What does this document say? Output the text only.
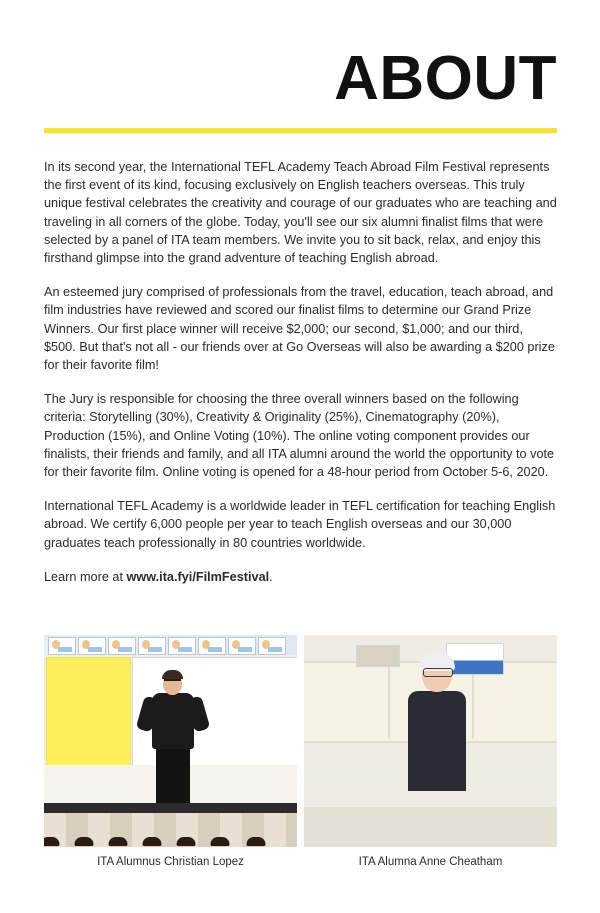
ABOUT

In its second year, the International TEFL Academy Teach Abroad Film Festival represents the first event of its kind, focusing exclusively on English teachers overseas. This truly unique festival celebrates the creativity and courage of our graduates who are teaching and traveling in all corners of the globe. Today, you'll see our six alumni finalist films that were selected by a panel of ITA team members. We invite you to sit back, relax, and enjoy this firsthand glimpse into the grand adventure of teaching English abroad.

An esteemed jury comprised of professionals from the travel, education, teach abroad, and film industries have reviewed and scored our finalist films to determine our Grand Prize Winners. Our first place winner will receive $2,000; our second, $1,000; and our third, $500. But that's not all - our friends over at Go Overseas will also be awarding a $200 prize for their favorite film!

The Jury is responsible for choosing the three overall winners based on the following criteria: Storytelling (30%), Creativity & Originality (25%), Cinematography (20%), Production (15%), and Online Voting (10%). The online voting component provides our finalists, their friends and family, and all ITA alumni around the world the opportunity to vote for their favorite film. Online voting is opened for a 48-hour period from October 5-6, 2020.

International TEFL Academy is a worldwide leader in TEFL certification for teaching English abroad. We certify 6,000 people per year to teach English overseas and our 30,000 graduates teach professionally in 80 countries worldwide.

Learn more at www.ita.fyi/FilmFestival.

ITA Alumnus Christian Lopez	ITA Alumna Anne Cheatham
